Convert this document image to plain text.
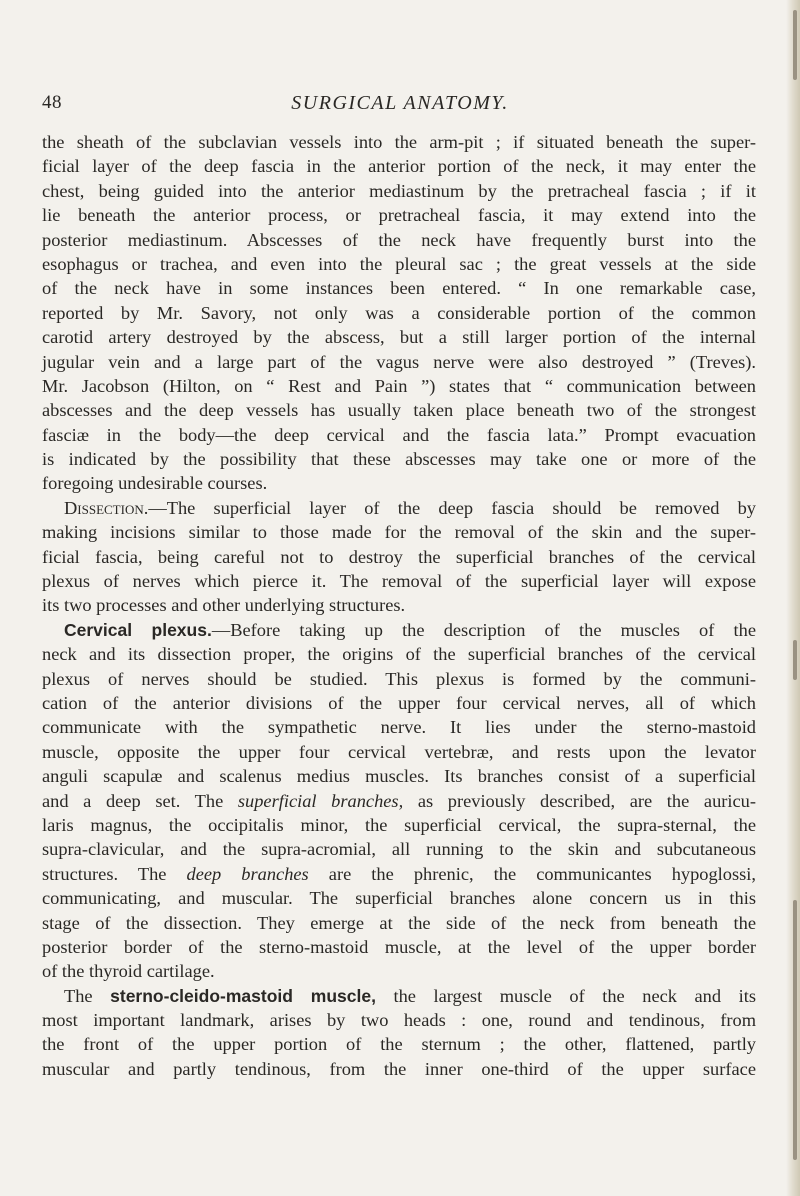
48	SURGICAL ANATOMY.
the sheath of the subclavian vessels into the arm-pit ; if situated beneath the super-
ficial layer of the deep fascia in the anterior portion of the neck, it may enter the
chest, being guided into the anterior mediastinum by the pretracheal fascia ; if it
lie beneath the anterior process, or pretracheal fascia, it may extend into the
posterior mediastinum. Abscesses of the neck have frequently burst into the
esophagus or trachea, and even into the pleural sac ; the great vessels at the side
of the neck have in some instances been entered. “ In one remarkable case,
reported by Mr. Savory, not only was a considerable portion of the common
carotid artery destroyed by the abscess, but a still larger portion of the internal
jugular vein and a large part of the vagus nerve were also destroyed ” (Treves).
Mr. Jacobson (Hilton, on “ Rest and Pain ”) states that “ communication between
abscesses and the deep vessels has usually taken place beneath two of the strongest
fasciæ in the body—the deep cervical and the fascia lata.” Prompt evacuation
is indicated by the possibility that these abscesses may take one or more of the
foregoing undesirable courses.
Dissection.—The superficial layer of the deep fascia should be removed by
making incisions similar to those made for the removal of the skin and the super-
ficial fascia, being careful not to destroy the superficial branches of the cervical
plexus of nerves which pierce it. The removal of the superficial layer will expose
its two processes and other underlying structures.
Cervical plexus.—Before taking up the description of the muscles of the
neck and its dissection proper, the origins of the superficial branches of the cervical
plexus of nerves should be studied. This plexus is formed by the communi-
cation of the anterior divisions of the upper four cervical nerves, all of which
communicate with the sympathetic nerve. It lies under the sterno-mastoid
muscle, opposite the upper four cervical vertebræ, and rests upon the levator
anguli scapulæ and scalenus medius muscles. Its branches consist of a superficial
and a deep set. The superficial branches, as previously described, are the auricu-
laris magnus, the occipitalis minor, the superficial cervical, the supra-sternal, the
supra-clavicular, and the supra-acromial, all running to the skin and subcutaneous
structures. The deep branches are the phrenic, the communicantes hypoglossi,
communicating, and muscular. The superficial branches alone concern us in this
stage of the dissection. They emerge at the side of the neck from beneath the
posterior border of the sterno-mastoid muscle, at the level of the upper border
of the thyroid cartilage.
The sterno-cleido-mastoid muscle, the largest muscle of the neck and its
most important landmark, arises by two heads : one, round and tendinous, from
the front of the upper portion of the sternum ; the other, flattened, partly
muscular and partly tendinous, from the inner one-third of the upper surface
